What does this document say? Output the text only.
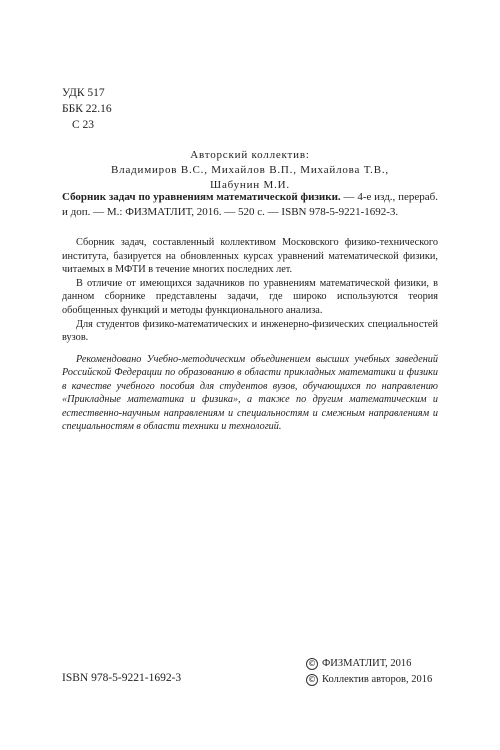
УДК 517
ББК 22.16
С 23
Авторский коллектив:
Владимиров В.С., Михайлов В.П., Михайлова Т.В.,
Шабунин М.И.
Сборник задач по уравнениям математической физики. — 4-е изд., перераб. и доп. — М.: ФИЗМАТЛИТ, 2016. — 520 с. — ISBN 978-5-9221-1692-3.

Сборник задач, составленный коллективом Московского физико-технического института, базируется на обновленных курсах уравнений математической физики, читаемых в МФТИ в течение многих последних лет.

В отличие от имеющихся задачников по уравнениям математической физики, в данном сборнике представлены задачи, где широко используются теория обобщенных функций и методы функционального анализа.

Для студентов физико-математических и инженерно-физических специальностей вузов.

Рекомендовано Учебно-методическим объединением высших учебных заведений Российской Федерации по образованию в области прикладных математики и физики в качестве учебного пособия для студентов вузов, обучающихся по направлению «Прикладные математика и физика», а также по другим математическим и естественно-научным направлениям и специальностям и смежным направлениям и специальностям в области техники и технологий.

© ФИЗМАТЛИТ, 2016
© Коллектив авторов, 2016
ISBN 978-5-9221-1692-3
